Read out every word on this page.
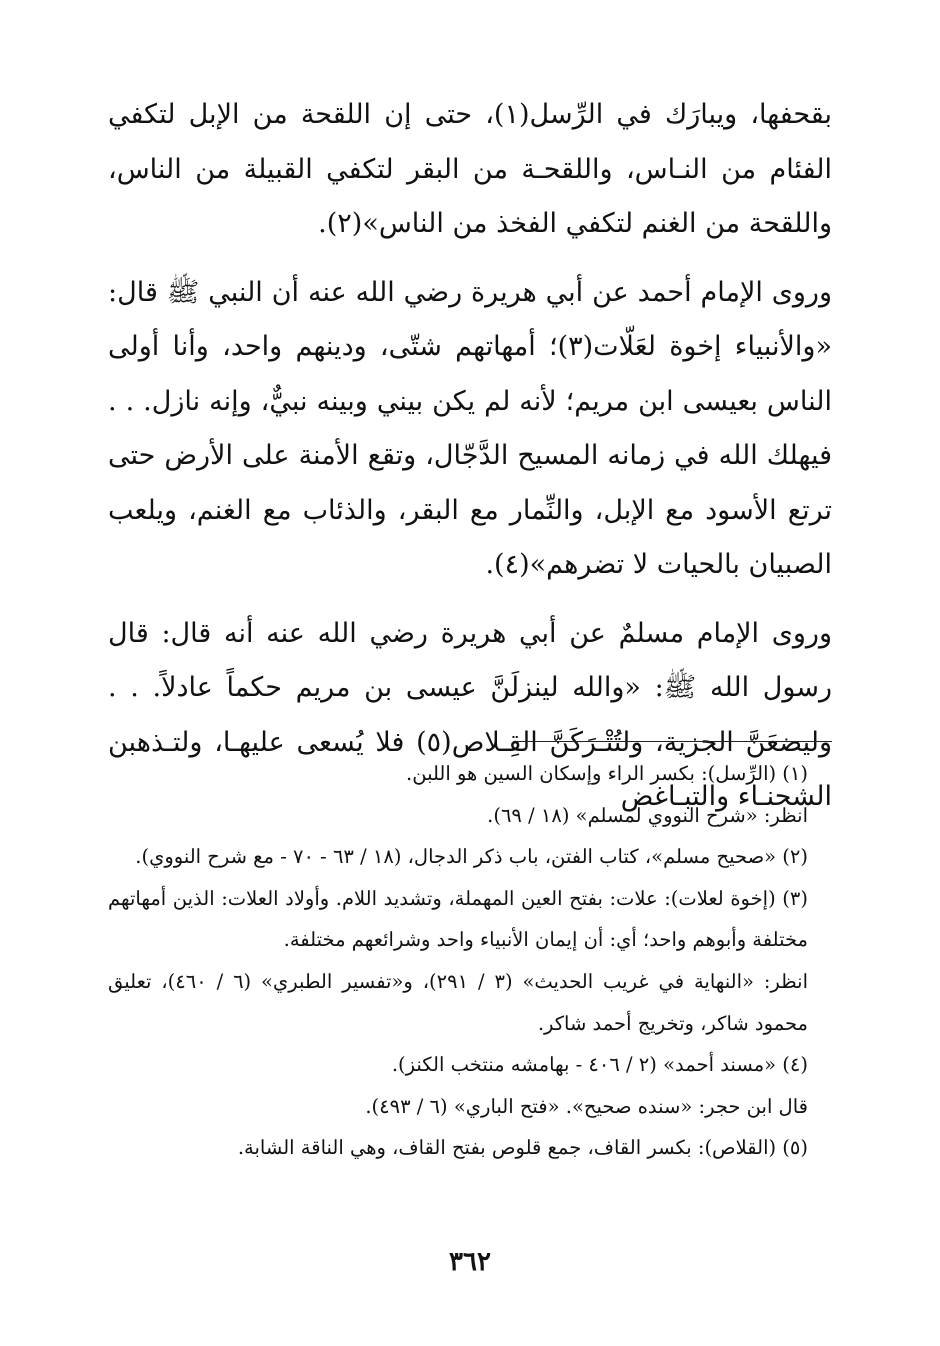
بقحفها، ويبارَك في الرِّسل(١)، حتى إن اللقحة من الإبل لتكفي الفئام من النـاس، واللقحـة من البقر لتكفي القبيلة من الناس، واللقحة من الغنم لتكفي الفخذ من الناس»(٢).

وروى الإمام أحمد عن أبي هريرة رضي الله عنه أن النبي ﷺ قال: «والأنبياء إخوة لعَلّات(٣)؛ أمهاتهم شتّى، ودينهم واحد، وأنا أولى الناس بعيسى ابن مريم؛ لأنه لم يكن بيني وبينه نبيٌّ، وإنه نازل. . . فيهلك الله في زمانه المسيح الدَّجّال، وتقع الأمنة على الأرض حتى ترتع الأسود مع الإبل، والنِّمار مع البقر، والذئاب مع الغنم، ويلعب الصبيان بالحيات لا تضرهم»(٤).

وروى الإمام مسلمٌ عن أبي هريرة رضي الله عنه أنه قال: قال رسول الله ﷺ: «والله لينزلَنَّ عيسى بن مريم حكماً عادلاً. . . وليضعَنَّ الجزية، ولتُتْـرَكَنَّ القِـلاص(٥) فلا يُسعى عليهـا، ولتـذهبن الشحنـاء والتبـاغض

(١) (الرِّسل): بكسر الراء وإسكان السين هو اللبن.

انظر: «شرح النووي لمسلم» (١٨ / ٦٩).

(٢) «صحيح مسلم»، كتاب الفتن، باب ذكر الدجال، (١٨ / ٦٣ - ٧٠ - مع شرح النووي).

(٣) (إخوة لعلات): علات: بفتح العين المهملة، وتشديد اللام. وأولاد العلات: الذين أمهاتهم مختلفة وأبوهم واحد؛ أي: أن إيمان الأنبياء واحد وشرائعهم مختلفة.

انظر: «النهاية في غريب الحديث» (٣ / ٢٩١)، و«تفسير الطبري» (٦ / ٤٦٠)، تعليق محمود شاكر، وتخريج أحمد شاكر.

(٤) «مسند أحمد» (٢ / ٤٠٦ - بهامشه منتخب الكنز).

قال ابن حجر: «سنده صحيح». «فتح الباري» (٦ / ٤٩٣).

(٥) (القلاص): بكسر القاف، جمع قلوص بفتح القاف، وهي الناقة الشابة.

٣٦٢
